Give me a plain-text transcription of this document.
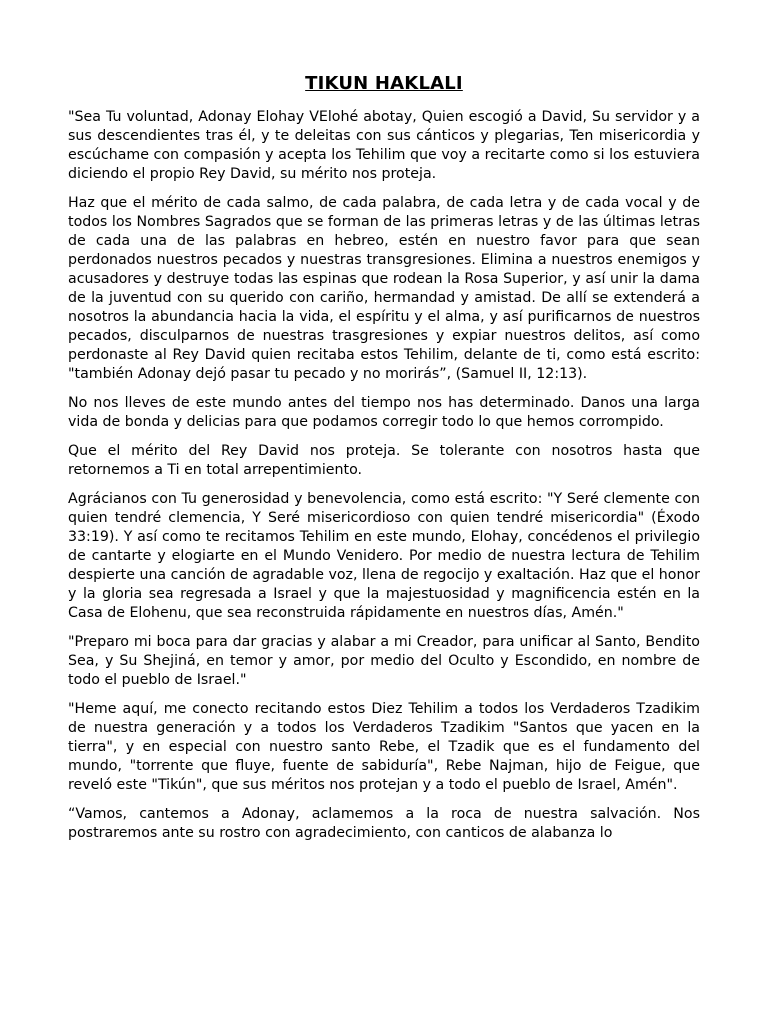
TIKUN HAKLALI

"Sea Tu voluntad, Adonay Elohay VElohé abotay, Quien escogió a David, Su servidor y a sus descendientes tras él, y te deleitas con sus cánticos y plegarias, Ten misericordia y escúchame con compasión y acepta los Tehilim que voy a recitarte como si los estuviera diciendo el propio Rey David, su mérito nos proteja.

Haz que el mérito de cada salmo, de cada palabra, de cada letra y de cada vocal y de todos los Nombres Sagrados que se forman de las primeras letras y de las últimas letras de cada una de las palabras en hebreo, estén en nuestro favor para que sean perdonados nuestros pecados y nuestras transgresiones. Elimina a nuestros enemigos y acusadores y destruye todas las espinas que rodean la Rosa Superior, y así unir la dama de la juventud con su querido con cariño, hermandad y amistad. De allí se extenderá a nosotros la abundancia hacia la vida, el espíritu y el alma, y así purificarnos de nuestros pecados, disculparnos de nuestras trasgresiones y expiar nuestros delitos, así como perdonaste al Rey David quien recitaba estos Tehilim, delante de ti, como está escrito: "también Adonay dejó pasar tu pecado y no morirás”, (Samuel II, 12:13).

No nos lleves de este mundo antes del tiempo nos has determinado. Danos una larga vida de bonda y delicias para que podamos corregir todo lo que hemos corrompido.

Que el mérito del Rey David nos proteja. Se tolerante con nosotros hasta que retornemos a Ti en total arrepentimiento.

Agrácianos con Tu generosidad y benevolencia, como está escrito: "Y Seré clemente con quien tendré clemencia, Y Seré misericordioso con quien tendré misericordia" (Éxodo 33:19). Y así como te recitamos Tehilim en este mundo, Elohay, concédenos el privilegio de cantarte y elogiarte en el Mundo Venidero. Por medio de nuestra lectura de Tehilim despierte una canción de agradable voz, llena de regocijo y exaltación. Haz que el honor y la gloria sea regresada a Israel y que la majestuosidad y magnificencia estén en la Casa de Elohenu, que sea reconstruida rápidamente en nuestros días, Amén."

"Preparo mi boca para dar gracias y alabar a mi Creador, para unificar al Santo, Bendito Sea, y Su Shejiná, en temor y amor, por medio del Oculto y Escondido, en nombre de todo el pueblo de Israel."

"Heme aquí, me conecto recitando estos Diez Tehilim a todos los Verdaderos Tzadikim de nuestra generación y a todos los Verdaderos Tzadikim "Santos que yacen en la tierra", y en especial con nuestro santo Rebe, el Tzadik que es el fundamento del mundo, "torrente que fluye, fuente de sabiduría", Rebe Najman, hijo de Feigue, que reveló este "Tikún", que sus méritos nos protejan y a todo el pueblo de Israel, Amén".

“Vamos, cantemos a Adonay, aclamemos a la roca de nuestra salvación. Nos postraremos ante su rostro con agradecimiento, con canticos de alabanza lo
